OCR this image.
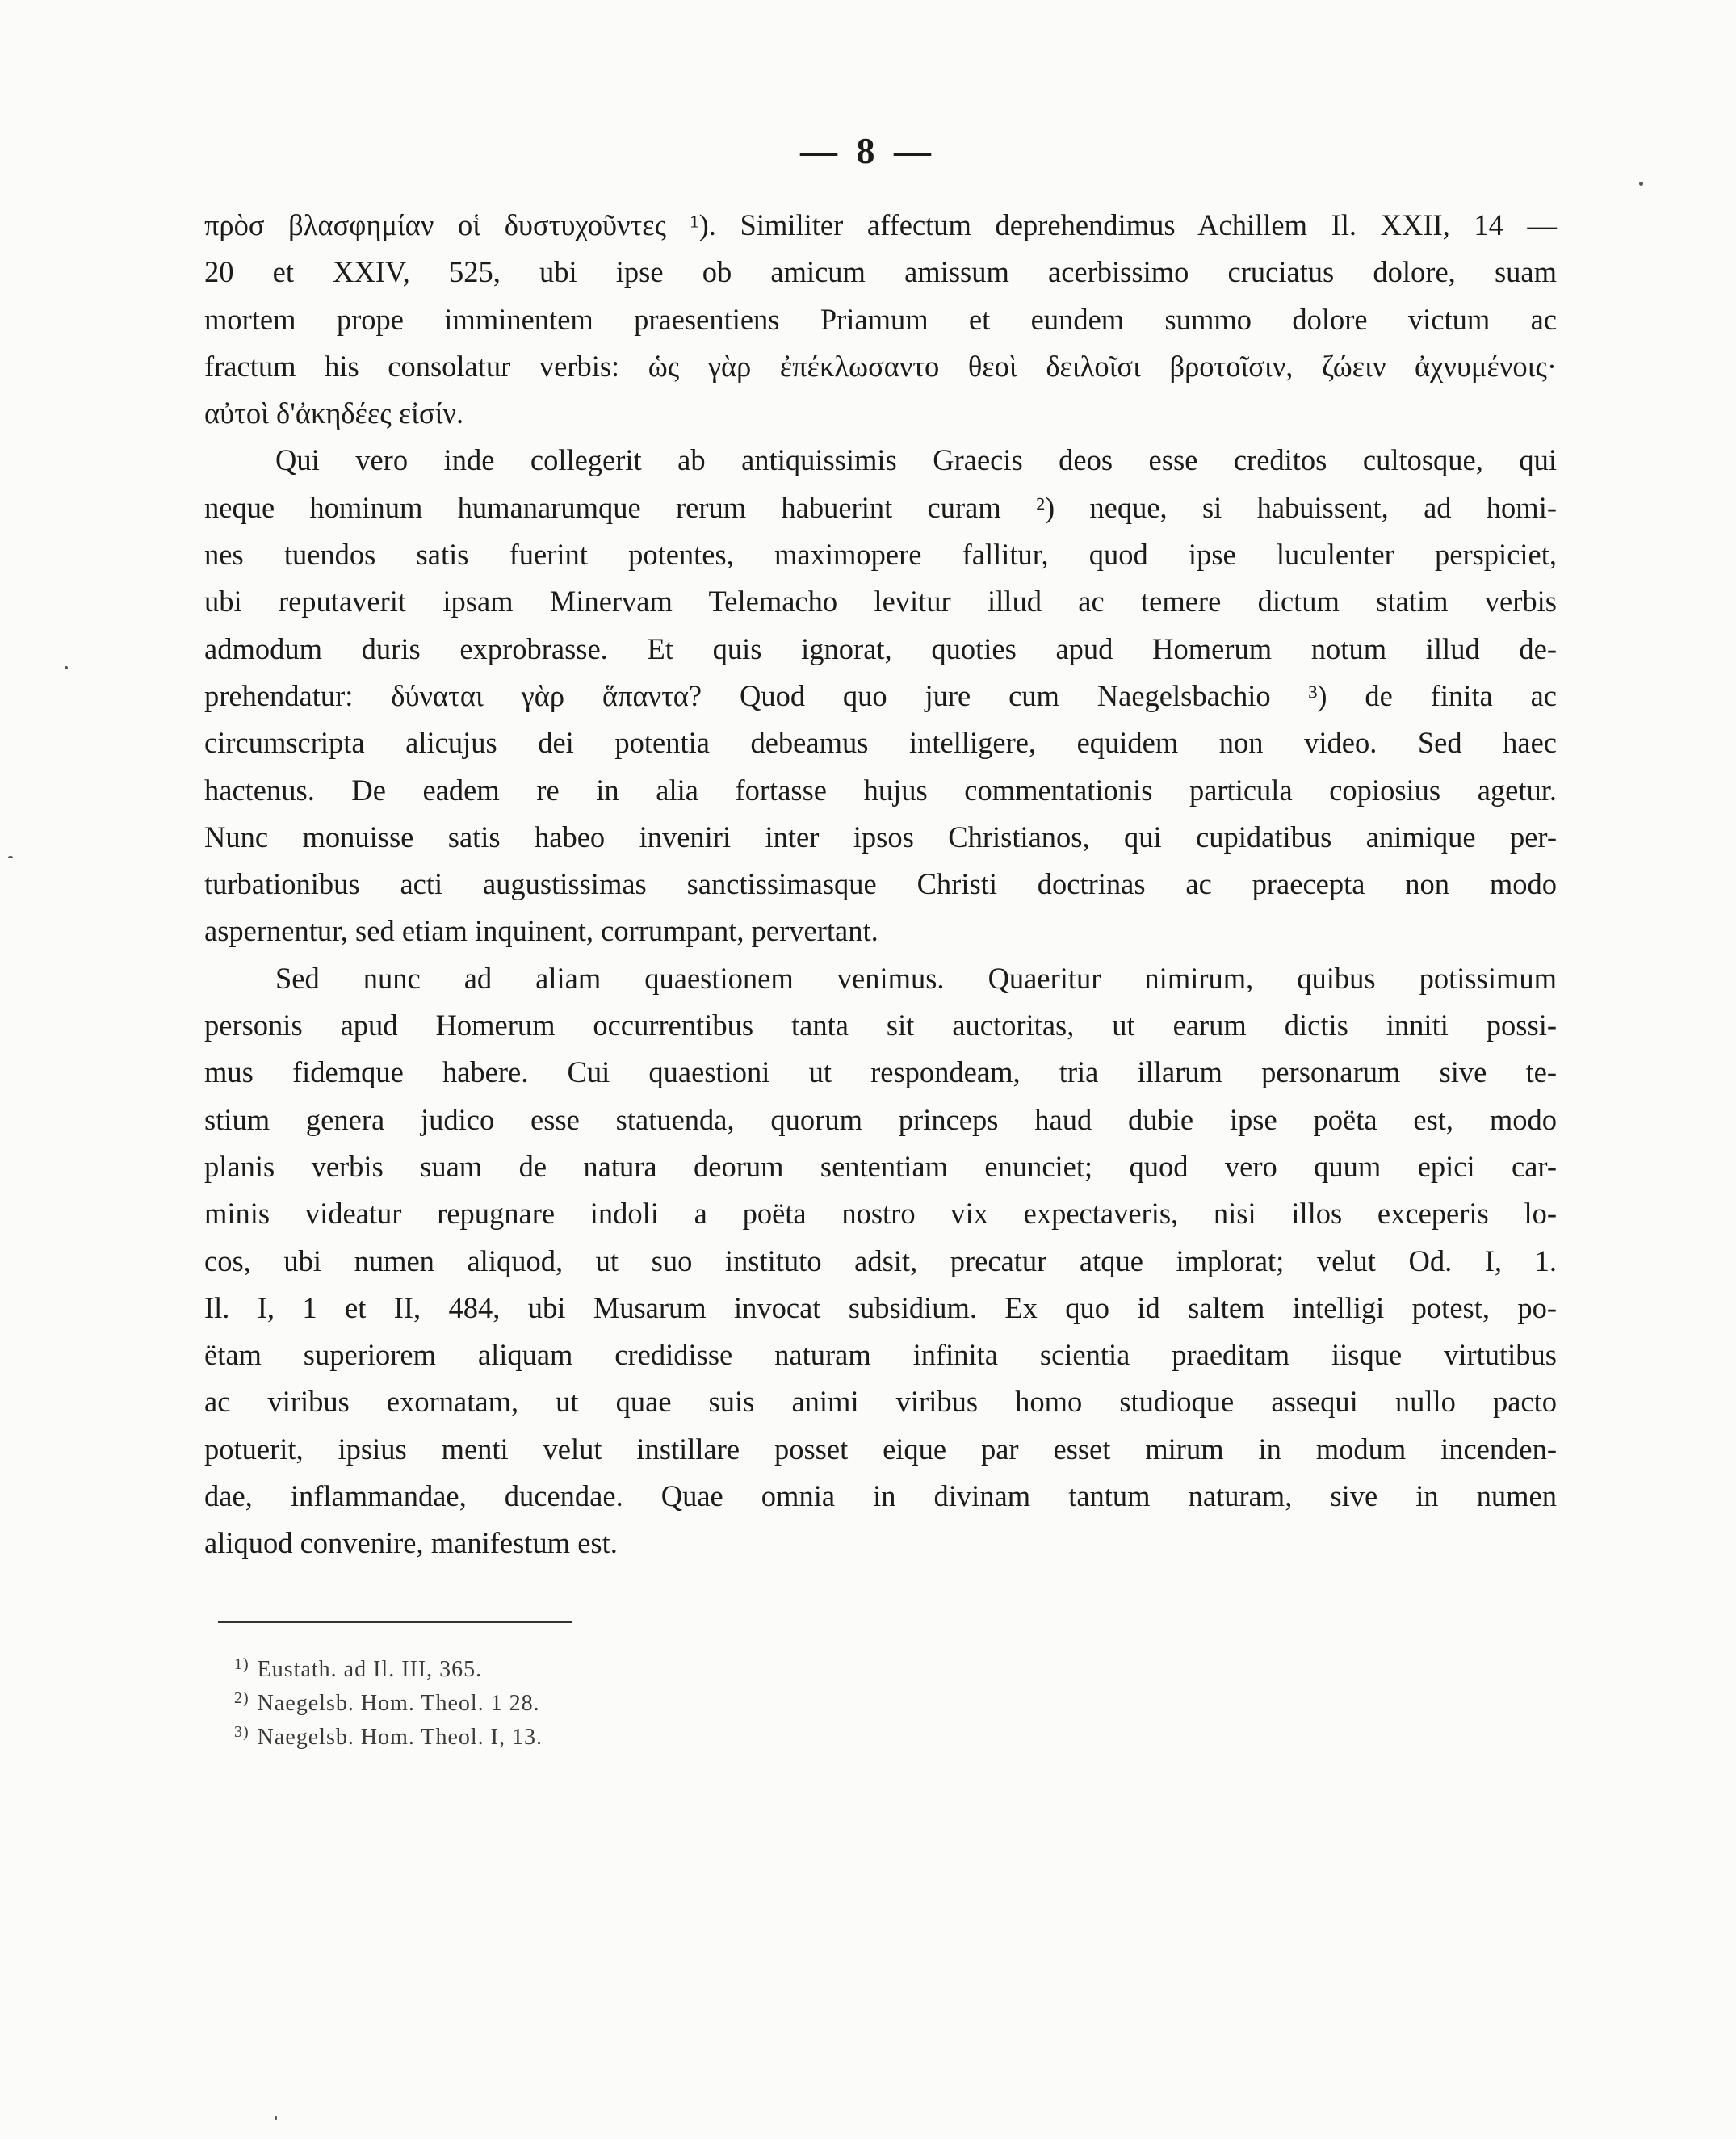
— 8 —
πρὸσ βλασφημίαν οἱ δυστυχοῦντες ¹). Similiter affectum deprehendimus Achillem Il. XXII, 14 —
20 et XXIV, 525, ubi ipse ob amicum amissum acerbissimo cruciatus dolore, suam
mortem prope imminentem praesentiens Priamum et eundem summo dolore victum ac
fractum his consolatur verbis: ὡς γὰρ ἐπέκλωσαντο θεοὶ δειλοῖσι βροτοῖσιν, ζώειν ἀχνυμένοις·
αὐτοὶ δ'ἀκηδέες εἰσίν.
Qui vero inde collegerit ab antiquissimis Graecis deos esse creditos cultosque, qui
neque hominum humanarumque rerum habuerint curam ²) neque, si habuissent, ad homi-
nes tuendos satis fuerint potentes, maximopere fallitur, quod ipse luculenter perspiciet,
ubi reputaverit ipsam Minervam Telemacho levitur illud ac temere dictum statim verbis
admodum duris exprobrasse. Et quis ignorat, quoties apud Homerum notum illud de-
prehendatur: δύναται γὰρ ἅπαντα? Quod quo jure cum Naegelsbachio ³) de finita ac
circumscripta alicujus dei potentia debeamus intelligere, equidem non video. Sed haec
hactenus. De eadem re in alia fortasse hujus commentationis particula copiosius agetur.
Nunc monuisse satis habeo inveniri inter ipsos Christianos, qui cupidatibus animique per-
turbationibus acti augustissimas sanctissimasque Christi doctrinas ac praecepta non modo
aspernentur, sed etiam inquinent, corrumpant, pervertant.
Sed nunc ad aliam quaestionem venimus. Quaeritur nimirum, quibus potissimum
personis apud Homerum occurrentibus tanta sit auctoritas, ut earum dictis inniti possi-
mus fidemque habere. Cui quaestioni ut respondeam, tria illarum personarum sive te-
stium genera judico esse statuenda, quorum princeps haud dubie ipse poëta est, modo
planis verbis suam de natura deorum sententiam enunciet; quod vero quum epici car-
minis videatur repugnare indoli a poëta nostro vix expectaveris, nisi illos exceperis lo-
cos, ubi numen aliquod, ut suo instituto adsit, precatur atque implorat; velut Od. I, 1.
Il. I, 1 et II, 484, ubi Musarum invocat subsidium. Ex quo id saltem intelligi potest, po-
ëtam superiorem aliquam credidisse naturam infinita scientia praeditam iisque virtutibus
ac viribus exornatam, ut quae suis animi viribus homo studioque assequi nullo pacto
potuerit, ipsius menti velut instillare posset eique par esset mirum in modum incenden-
dae, inflammandae, ducendae. Quae omnia in divinam tantum naturam, sive in numen
aliquod convenire, manifestum est.
$^{1)}$ Eustath. ad Il. III, 365.
$^{2)}$ Naegelsb. Hom. Theol. 1 28.
$^{3)}$ Naegelsb. Hom. Theol. I, 13.
